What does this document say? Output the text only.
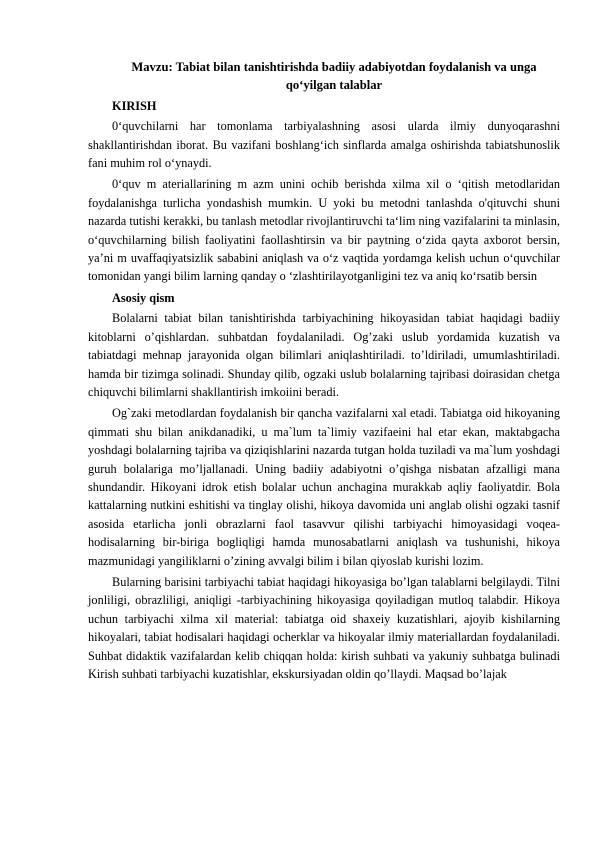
Mavzu: Tabiat bilan tanishtirishda badiiy adabiyotdan foydalanish va unga qo‘yilgan talablar
KIRISH

0‘quvchilarni har tomonlama tarbiyalashning asosi ularda ilmiy dunyoqarashni shakllantirishdan iborat. Bu vazifani boshlang‘ich sinflarda amalga oshirishda tabiatshunoslik fani muhim rol o‘ynaydi.

0‘quv m ateriallarining m azm unini ochib berishda xilma xil o ‘qitish metodlaridan foydalanishga turlicha yondashish mumkin. U yoki bu metodni tanlashda o'qituvchi shuni nazarda tutishi kerakki, bu tanlash metodlar rivojlantiruvchi ta‘lim ning vazifalarini ta minlasin, o‘quvchilarning bilish faoliyatini faollashtirsin va bir paytning o‘zida qayta axborot bersin, ya’ni m uvaffaqiyatsizlik sababini aniqlash va o‘z vaqtida yordamga kelish uchun o‘quvchilar tomonidan yangi bilim larning qanday o ‘zlashtirilayotganligini tez va aniq ko‘rsatib bersin

Asosiy qism

Bolalarni tabiat bilan tanishtirishda tarbiyachining hikoyasidan tabiat haqidagi badiiy kitoblarni o’qishlardan. suhbatdan foydalaniladi. Og’zaki uslub yordamida kuzatish va tabiatdagi mehnap jarayonida olgan bilimlari aniqlashtiriladi. to’ldiriladi, umumlashtiriladi. hamda bir tizimga solinadi. Shunday qilib, ogzaki uslub bolalarning tajribasi doirasidan chetga chiquvchi bilimlarni shakllantirish imkoiini beradi.

Og`zaki metodlardan foydalanish bir qancha vazifalarni xal etadi. Tabiatga oid hikoyaning qimmati shu bilan anikdanadiki, u ma`lum ta`limiy vazifaeini hal etar ekan, maktabgacha yoshdagi bolalarning tajriba va qiziqishlarini nazarda tutgan holda tuziladi va ma`lum yoshdagi guruh bolalariga mo’ljallanadi. Uning badiiy adabiyotni o’qishga nisbatan afzalligi mana shundandir. Hikoyani idrok etish bolalar uchun anchagina murakkab aqliy faoliyatdir. Bola kattalarning nutkini eshitishi va tinglay olishi, hikoya davomida uni anglab olishi ogzaki tasnif asosida etarlicha jonli obrazlarni faol tasavvur qilishi tarbiyachi himoyasidagi voqea-hodisalarning bir-biriga bogliqligi hamda munosabatlarni aniqlash va tushunishi, hikoya mazmunidagi yangiliklarni o’zining avvalgi bilim i bilan qiyoslab kurishi lozim.

Bularning barisini tarbiyachi tabiat haqidagi hikoyasiga bo’lgan talablarni belgilaydi. Tilni jonliligi, obrazliligi, aniqligi -tarbiyachining hikoyasiga qoyiladigan mutloq talabdir. Hikoya uchun tarbiyachi xilma xil material: tabiatga oid shaxeiy kuzatishlari, ajoyib kishilarning hikoyalari, tabiat hodisalari haqidagi ocherklar va hikoyalar ilmiy materiallardan foydalaniladi. Suhbat didaktik vazifalardan kelib chiqqan holda: kirish suhbati va yakuniy suhbatga bulinadi Kirish suhbati tarbiyachi kuzatishlar, ekskursiyadan oldin qo’llaydi. Maqsad bo’lajak
